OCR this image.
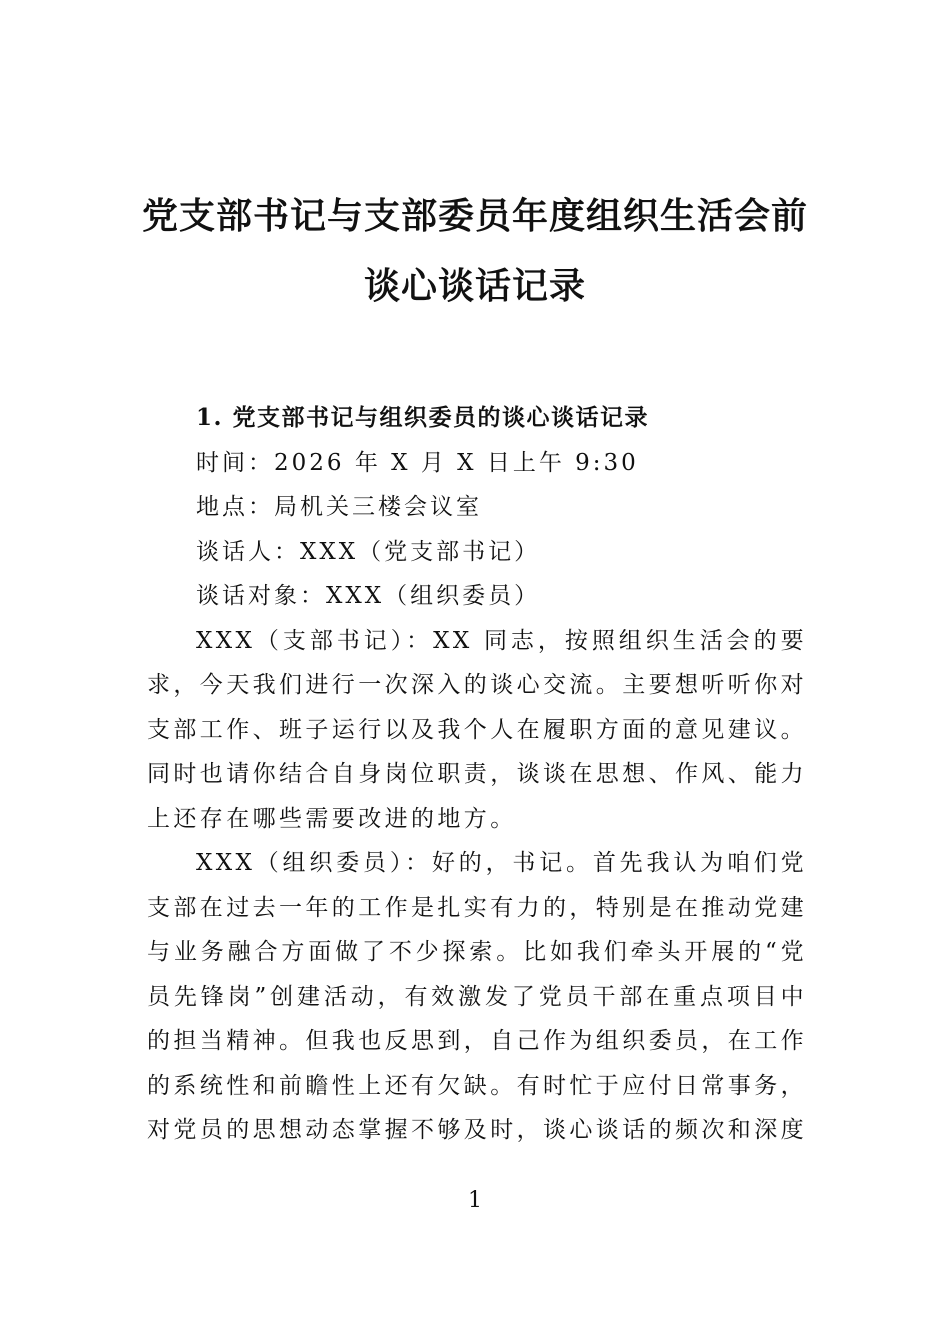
党支部书记与支部委员年度组织生活会前
谈心谈话记录

1. 党支部书记与组织委员的谈心谈话记录

时间：2026 年 X 月 X 日上午 9:30

地点：局机关三楼会议室

谈话人：XXX（党支部书记）

谈话对象：XXX（组织委员）

XXX（支部书记）：XX 同志，按照组织生活会的要求，今天我们进行一次深入的谈心交流。主要想听听你对支部工作、班子运行以及我个人在履职方面的意见建议。同时也请你结合自身岗位职责，谈谈在思想、作风、能力上还存在哪些需要改进的地方。

XXX（组织委员）：好的，书记。首先我认为咱们党支部在过去一年的工作是扎实有力的，特别是在推动党建与业务融合方面做了不少探索。比如我们牵头开展的“党员先锋岗”创建活动，有效激发了党员干部在重点项目中的担当精神。但我也反思到，自己作为组织委员，在工作的系统性和前瞻性上还有欠缺。有时忙于应付日常事务，对党员的思想动态掌握不够及时，谈心谈话的频次和深度

1
